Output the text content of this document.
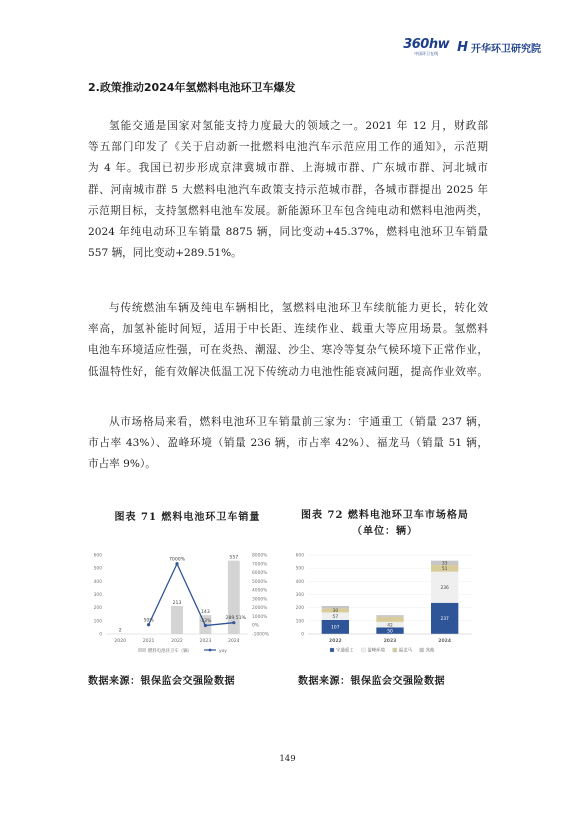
360hw
中国环卫在线 H 开华环卫研究院
2.政策推动2024年氢燃料电池环卫车爆发
氢能交通是国家对氢能支持力度最大的领域之一。2021 年 12 月，财政部
等五部门印发了《关于启动新一批燃料电池汽车示范应用工作的通知》，示范期
为 4 年。我国已初步形成京津冀城市群、上海城市群、广东城市群、河北城市
群、河南城市群 5 大燃料电池汽车政策支持示范城市群，各城市群提出 2025 年
示范期目标，支持氢燃料电池车发展。新能源环卫车包含纯电动和燃料电池两类，
2024 年纯电动环卫车销量 8875 辆，同比变动+45.37%，燃料电池环卫车销量
557 辆，同比变动+289.51%。
与传统燃油车辆及纯电车辆相比，氢燃料电池环卫车续航能力更长，转化效
率高，加氢补能时间短，适用于中长距、连续作业、载重大等应用场景。氢燃料
电池车环境适应性强，可在炎热、潮湿、沙尘、寒冷等复杂气候环境下正常作业，
低温特性好，能有效解决低温工况下传统动力电池性能衰减问题，提高作业效率。
从市场格局来看，燃料电池环卫车销量前三家为：宇通重工（销量 237 辆，
市占率 43%）、盈峰环境（销量 236 辆，市占率 42%）、福龙马（销量 51 辆，
市占率 9%）。
图表 71 燃料电池环卫车销量	图表 72 燃料电池环卫车市场格局
（单位：辆）
600
500
400
300
200
100
0
8000%
7000%
6000%
5000%
4000%
3000%
2000%
1000%
0%
-1000%
2
213
143
557
50%
7000%
-33%
289.51%
2020	2021	2022	2023	2024
燃料电池环卫车（辆）	yoy
600
500
400
300
200
100
0
107
57
30
2022
50
42
2023
237
236
51
33
2024
宇通重工	盈峰环境	福龙马	其他
数据来源：银保监会交强险数据	数据来源：银保监会交强险数据
149
